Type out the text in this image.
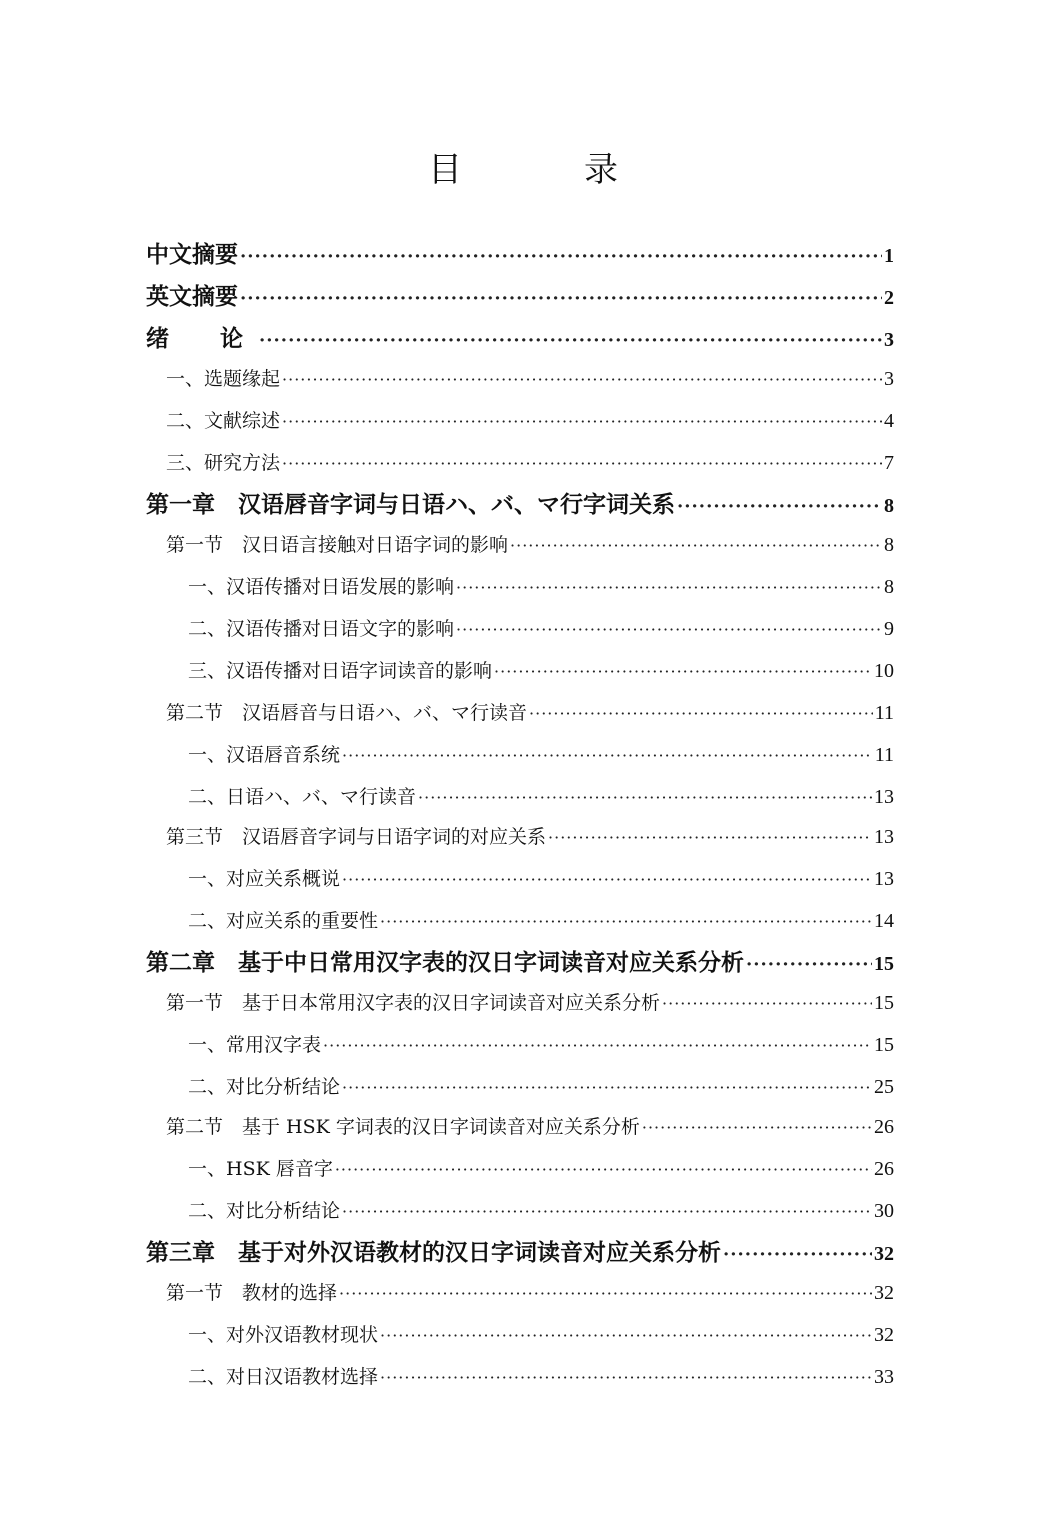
目　录
中文摘要 ·····	1
英文摘要 ·····	2
绪　论 ·····	3
一、选题缘起 ·····	3
二、文献综述 ·····	4
三、研究方法 ·····	7
第一章　汉语唇音字词与日语ハ、バ、マ行字词关系 ·····	8
第一节　汉日语言接触对日语字词的影响 ·····	8
一、汉语传播对日语发展的影响 ·····	8
二、汉语传播对日语文字的影响 ·····	9
三、汉语传播对日语字词读音的影响 ·····	10
第二节　汉语唇音与日语ハ、バ、マ行读音 ·····	11
一、汉语唇音系统 ·····	11
二、日语ハ、バ、マ行读音 ·····	13
第三节　汉语唇音字词与日语字词的对应关系 ·····	13
一、对应关系概说 ·····	13
二、对应关系的重要性 ·····	14
第二章　基于中日常用汉字表的汉日字词读音对应关系分析 ·····	15
第一节　基于日本常用汉字表的汉日字词读音对应关系分析 ·····	15
一、常用汉字表 ·····	15
二、对比分析结论 ·····	25
第二节　基于 HSK 字词表的汉日字词读音对应关系分析 ·····	26
一、HSK 唇音字 ·····	26
二、对比分析结论 ·····	30
第三章　基于对外汉语教材的汉日字词读音对应关系分析 ·····	32
第一节　教材的选择 ·····	32
一、对外汉语教材现状 ·····	32
二、对日汉语教材选择 ·····	33
